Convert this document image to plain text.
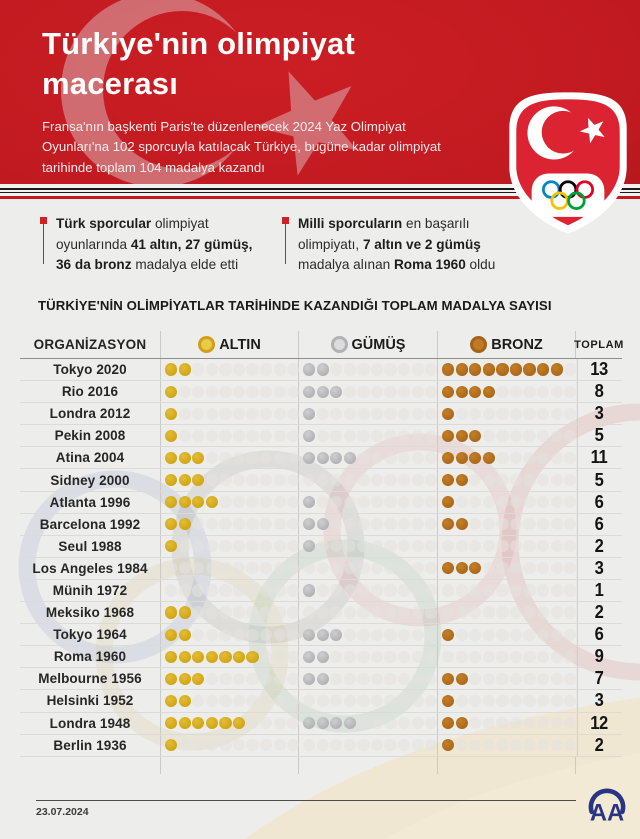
Türkiye'nin olimpiyat
macerası
Fransa'nın başkenti Paris'te düzenlenecek 2024 Yaz Olimpiyat Oyunları'na 102 sporcuyla katılacak Türkiye, bugüne kadar olimpiyat tarihinde toplam 104 madalya kazandı
Türk sporcular olimpiyat oyunlarında 41 altın, 27 gümüş, 36 da bronz madalya elde etti
Milli sporcuların en başarılı olimpiyatı, 7 altın ve 2 gümüş madalya alınan Roma 1960 oldu
TÜRKİYE'NİN OLİMPİYATLAR TARİHİNDE KAZANDIĞI TOPLAM MADALYA SAYISI
ORGANİZASYON	ALTIN	GÜMÜŞ	BRONZ	TOPLAM
Tokyo 2020	13
Rio 2016	8
Londra 2012	3
Pekin 2008	5
Atina 2004	11
Sidney 2000	5
Atlanta 1996	6
Barcelona 1992	6
Seul 1988	2
Los Angeles 1984	3
Münih 1972	1
Meksiko 1968	2
Tokyo 1964	6
Roma 1960	9
Melbourne 1956	7
Helsinki 1952	3
Londra 1948	12
Berlin 1936	2
23.07.2024	AA
